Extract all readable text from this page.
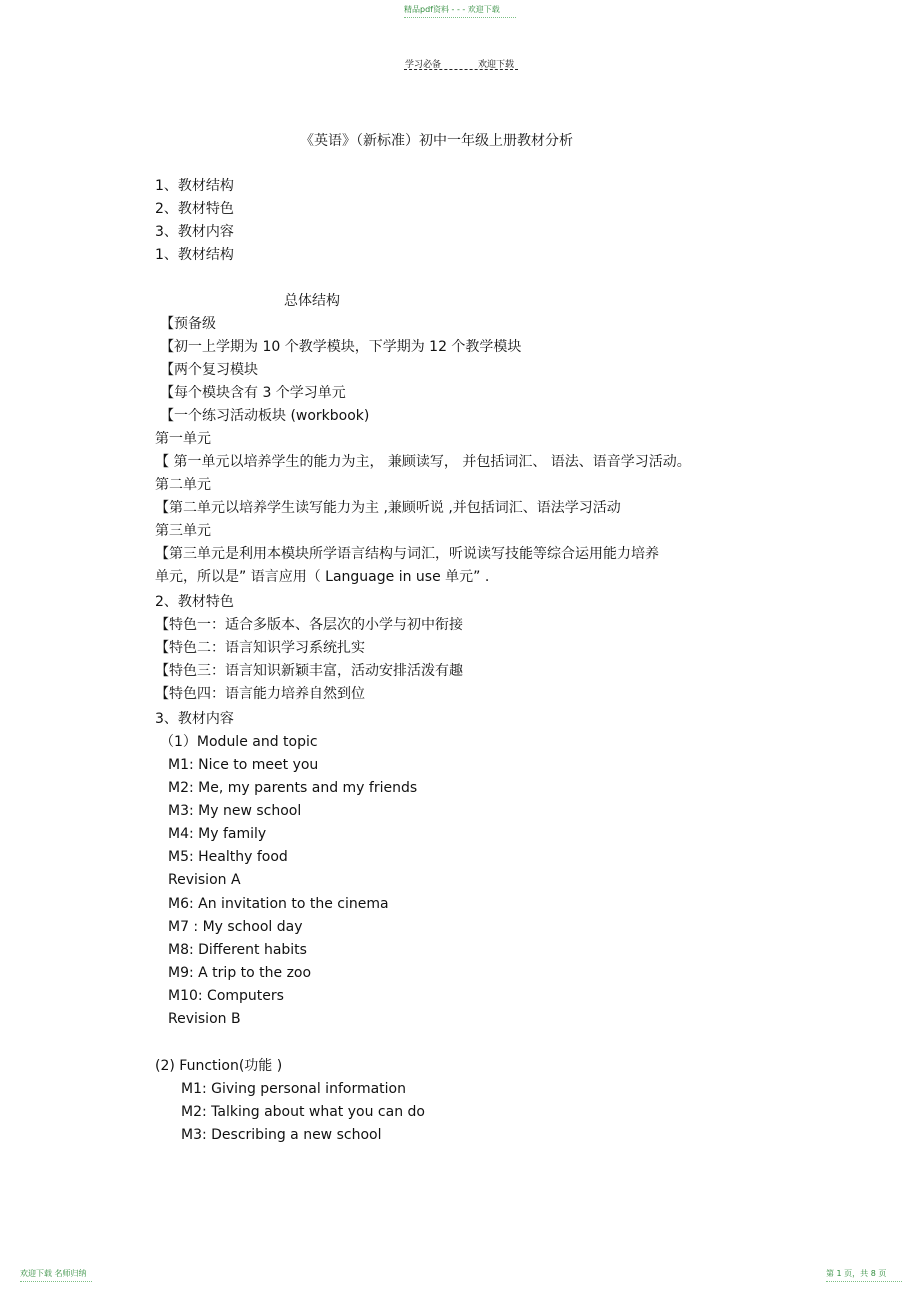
精品pdf资料 - - - 欢迎下载
学习必备	欢迎下载
《英语》（新标准）初中一年级上册教材分析
1、教材结构
2、教材特色
3、教材内容
1、教材结构
总体结构
【预备级
【初一上学期为 10 个教学模块，下学期为 12 个教学模块
【两个复习模块
【每个模块含有 3 个学习单元
【一个练习活动板块 (workbook)
第一单元
【 第一单元以培养学生的能力为主， 兼顾读写， 并包括词汇、 语法、语音学习活动。
第二单元
【第二单元以培养学生读写能力为主 ,兼顾听说 ,并包括词汇、语法学习活动
第三单元
【第三单元是利用本模块所学语言结构与词汇，听说读写技能等综合运用能力培养
单元，所以是” 语言应用（ Language in use 单元” .
2、教材特色
【特色一：适合多版本、各层次的小学与初中衔接
【特色二：语言知识学习系统扎实
【特色三：语言知识新颖丰富，活动安排活泼有趣
【特色四：语言能力培养自然到位
3、教材内容
（1）Module and topic
M1: Nice to meet you
M2: Me, my parents and my friends
M3: My new school
M4: My family
M5: Healthy food
Revision A
M6: An invitation to the cinema
M7 : My school day
M8: Different habits
M9: A trip to the zoo
M10: Computers
Revision B
(2) Function(功能 )
M1: Giving personal information
M2: Talking about what you can do
M3: Describing a new school
欢迎下载 名师归纳	第 1 页，共 8 页
